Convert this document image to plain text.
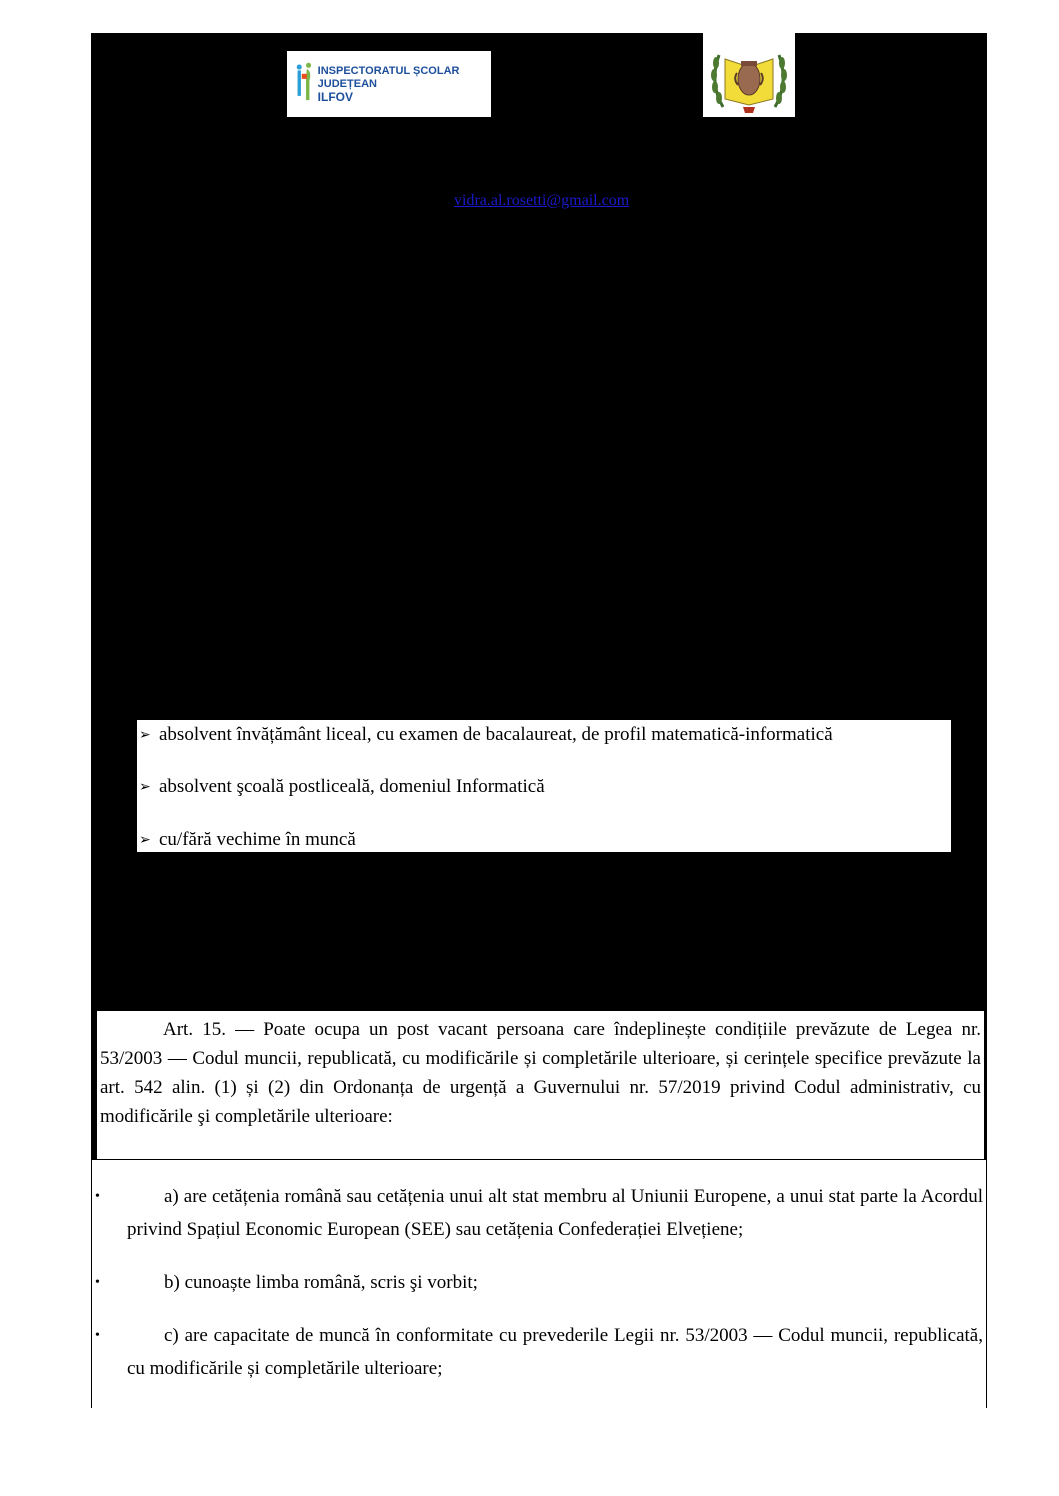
INSPECTORATUL ȘCOLAR JUDEȚEAN
ILFOV
vidra.al.rosetti@gmail.com
➢ absolvent învățământ liceal, cu examen de bacalaureat, de profil matematică-informatică
➢ absolvent şcoală postliceală, domeniul Informatică
➢ cu/fără vechime în muncă

Art. 15. — Poate ocupa un post vacant persoana care îndeplinește condițiile prevăzute de Legea nr. 53/2003 — Codul muncii, republicată, cu modificările și completările ulterioare, și cerințele specifice prevăzute la art. 542 alin. (1) și (2) din Ordonanța de urgență a Guvernului nr. 57/2019 privind Codul administrativ, cu modificările şi completările ulterioare:

•	a) are cetățenia română sau cetățenia unui alt stat membru al Uniunii Europene, a unui stat parte la Acordul privind Spațiul Economic European (SEE) sau cetățenia Confederației Elvețiene;

•	b) cunoaște limba română, scris şi vorbit;

•	c) are capacitate de muncă în conformitate cu prevederile Legii nr. 53/2003 — Codul muncii, republicată, cu modificările și completările ulterioare;
